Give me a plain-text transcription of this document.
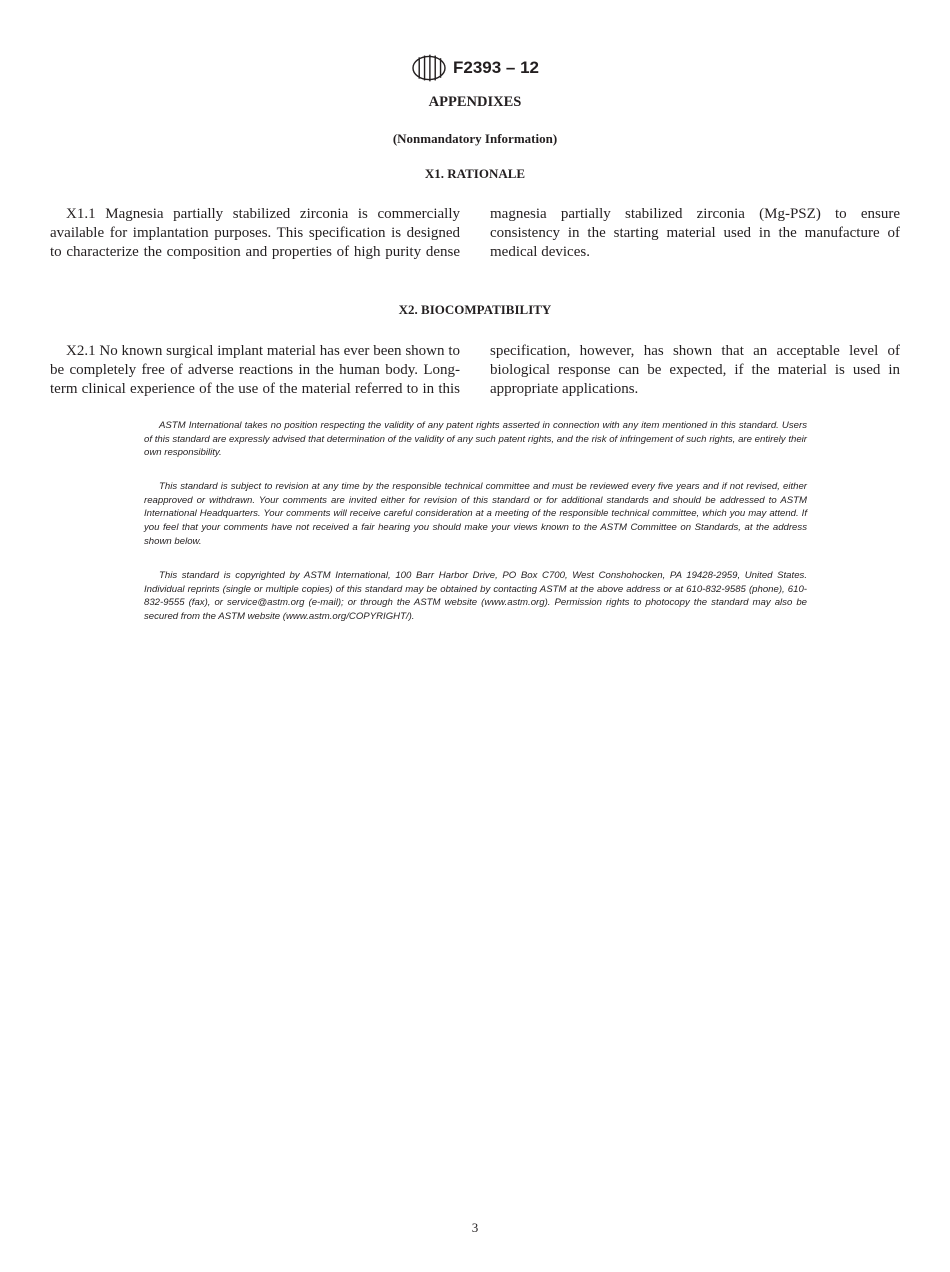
F2393 – 12
APPENDIXES
(Nonmandatory Information)
X1. RATIONALE

X1.1 Magnesia partially stabilized zirconia is commercially available for implantation purposes. This specification is designed to characterize the composition and properties of high purity dense magnesia partially stabilized zirconia (Mg-PSZ) to ensure consistency in the starting material used in the manufacture of medical devices.

X2. BIOCOMPATIBILITY

X2.1 No known surgical implant material has ever been shown to be completely free of adverse reactions in the human body. Long-term clinical experience of the use of the material referred to in this specification, however, has shown that an acceptable level of biological response can be expected, if the material is used in appropriate applications.

ASTM International takes no position respecting the validity of any patent rights asserted in connection with any item mentioned in this standard. Users of this standard are expressly advised that determination of the validity of any such patent rights, and the risk of infringement of such rights, are entirely their own responsibility.

This standard is subject to revision at any time by the responsible technical committee and must be reviewed every five years and if not revised, either reapproved or withdrawn. Your comments are invited either for revision of this standard or for additional standards and should be addressed to ASTM International Headquarters. Your comments will receive careful consideration at a meeting of the responsible technical committee, which you may attend. If you feel that your comments have not received a fair hearing you should make your views known to the ASTM Committee on Standards, at the address shown below.

This standard is copyrighted by ASTM International, 100 Barr Harbor Drive, PO Box C700, West Conshohocken, PA 19428-2959, United States. Individual reprints (single or multiple copies) of this standard may be obtained by contacting ASTM at the above address or at 610-832-9585 (phone), 610-832-9555 (fax), or service@astm.org (e-mail); or through the ASTM website (www.astm.org). Permission rights to photocopy the standard may also be secured from the ASTM website (www.astm.org/COPYRIGHT/).

3
